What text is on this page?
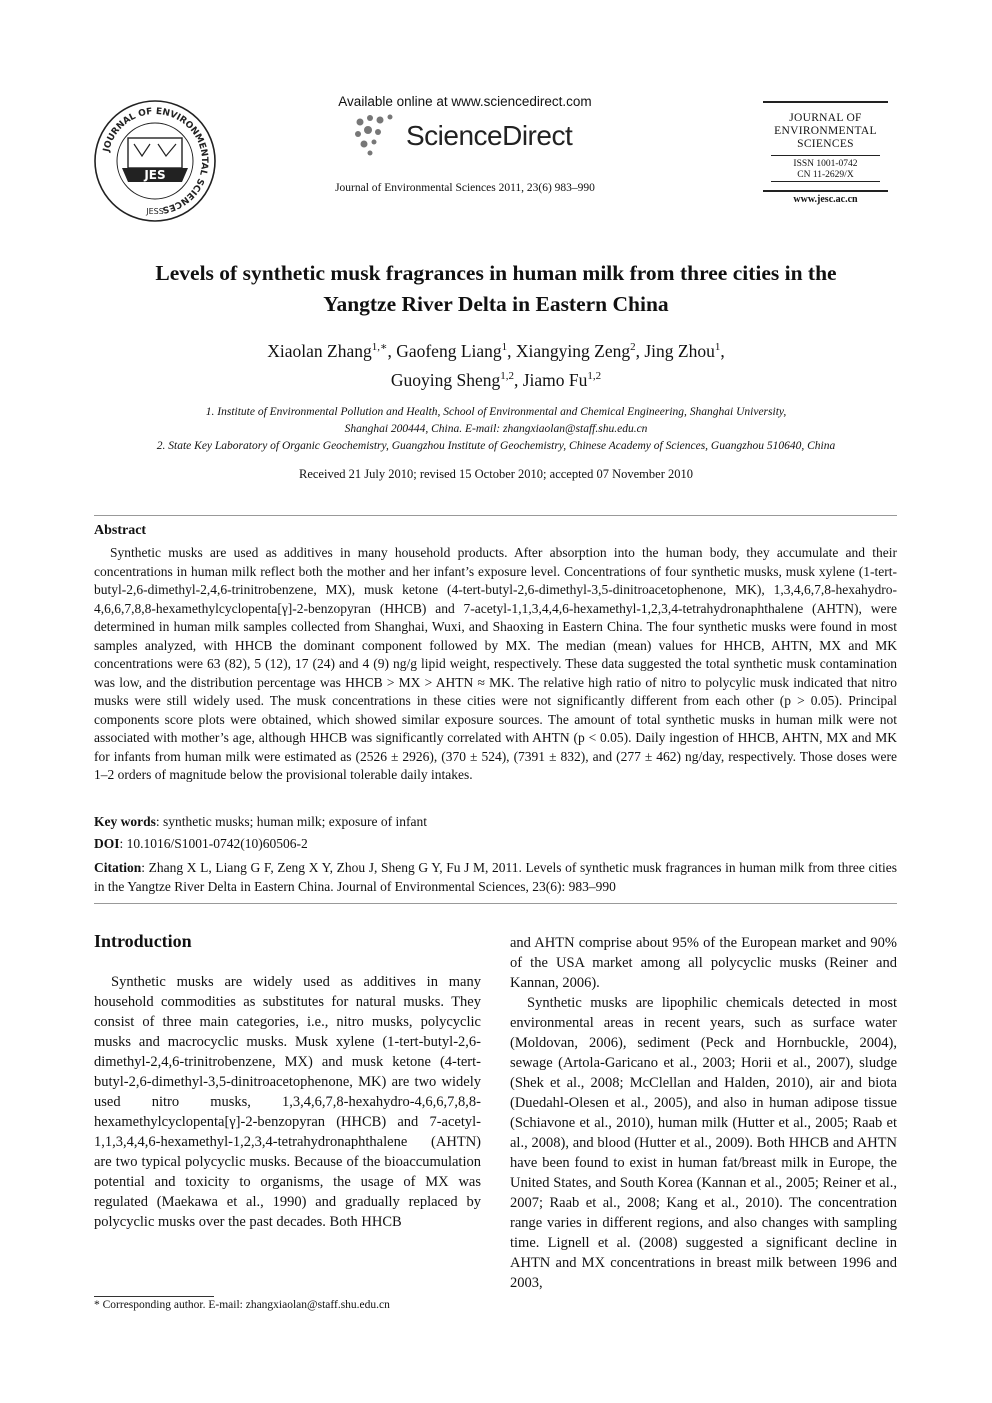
JOURNAL OF ENVIRONMENTAL SCIENCES
JES
JESS
Available online at www.sciencedirect.com
ScienceDirect
Journal of Environmental Sciences 2011, 23(6) 983–990
JOURNAL OF
ENVIRONMENTAL
SCIENCES
ISSN 1001-0742
CN 11-2629/X
www.jesc.ac.cn
Levels of synthetic musk fragrances in human milk from three cities in the
Yangtze River Delta in Eastern China
Xiaolan Zhang$^{1,∗}$, Gaofeng Liang$^1$, Xiangying Zeng$^2$, Jing Zhou$^1$,
Guoying Sheng$^{1,2}$, Jiamo Fu$^{1,2}$
1. Institute of Environmental Pollution and Health, School of Environmental and Chemical Engineering, Shanghai University,
Shanghai 200444, China. E-mail: zhangxiaolan@staff.shu.edu.cn
2. State Key Laboratory of Organic Geochemistry, Guangzhou Institute of Geochemistry, Chinese Academy of Sciences, Guangzhou 510640, China
Received 21 July 2010; revised 15 October 2010; accepted 07 November 2010
Abstract
Synthetic musks are used as additives in many household products. After absorption into the human body, they accumulate and their concentrations in human milk reflect both the mother and her infant’s exposure level. Concentrations of four synthetic musks, musk xylene (1-tert-butyl-2,6-dimethyl-2,4,6-trinitrobenzene, MX), musk ketone (4-tert-butyl-2,6-dimethyl-3,5-dinitroacetophenone, MK), 1,3,4,6,7,8-hexahydro-4,6,6,7,8,8-hexamethylcyclopenta[γ]-2-benzopyran (HHCB) and 7-acetyl-1,1,3,4,4,6-hexamethyl-1,2,3,4-tetrahydronaphthalene (AHTN), were determined in human milk samples collected from Shanghai, Wuxi, and Shaoxing in Eastern China. The four synthetic musks were found in most samples analyzed, with HHCB the dominant component followed by MX. The median (mean) values for HHCB, AHTN, MX and MK concentrations were 63 (82), 5 (12), 17 (24) and 4 (9) ng/g lipid weight, respectively. These data suggested the total synthetic musk contamination was low, and the distribution percentage was HHCB > MX > AHTN ≈ MK. The relative high ratio of nitro to polycylic musk indicated that nitro musks were still widely used. The musk concentrations in these cities were not significantly different from each other (p > 0.05). Principal components score plots were obtained, which showed similar exposure sources. The amount of total synthetic musks in human milk were not associated with mother’s age, although HHCB was significantly correlated with AHTN (p < 0.05). Daily ingestion of HHCB, AHTN, MX and MK for infants from human milk were estimated as (2526 ± 2926), (370 ± 524), (7391 ± 832), and (277 ± 462) ng/day, respectively. Those doses were 1–2 orders of magnitude below the provisional tolerable daily intakes.
Key words: synthetic musks; human milk; exposure of infant
DOI: 10.1016/S1001-0742(10)60506-2
Citation: Zhang X L, Liang G F, Zeng X Y, Zhou J, Sheng G Y, Fu J M, 2011. Levels of synthetic musk fragrances in human milk from three cities in the Yangtze River Delta in Eastern China. Journal of Environmental Sciences, 23(6): 983–990
Introduction

Synthetic musks are widely used as additives in many household commodities as substitutes for natural musks. They consist of three main categories, i.e., nitro musks, polycyclic musks and macrocyclic musks. Musk xylene (1-tert-butyl-2,6-dimethyl-2,4,6-trinitrobenzene, MX) and musk ketone (4-tert-butyl-2,6-dimethyl-3,5-dinitroacetophenone, MK) are two widely used nitro musks, 1,3,4,6,7,8-hexahydro-4,6,6,7,8,8-hexamethylcyclopenta[γ]-2-benzopyran (HHCB) and 7-acetyl-1,1,3,4,4,6-hexamethyl-1,2,3,4-tetrahydronaphthalene (AHTN) are two typical polycyclic musks. Because of the bioaccumulation potential and toxicity to organisms, the usage of MX was regulated (Maekawa et al., 1990) and gradually replaced by polycyclic musks over the past decades. Both HHCB

and AHTN comprise about 95% of the European market and 90% of the USA market among all polycyclic musks (Reiner and Kannan, 2006).

Synthetic musks are lipophilic chemicals detected in most environmental areas in recent years, such as surface water (Moldovan, 2006), sediment (Peck and Hornbuckle, 2004), sewage (Artola-Garicano et al., 2003; Horii et al., 2007), sludge (Shek et al., 2008; McClellan and Halden, 2010), air and biota (Duedahl-Olesen et al., 2005), and also in human adipose tissue (Schiavone et al., 2010), human milk (Hutter et al., 2005; Raab et al., 2008), and blood (Hutter et al., 2009). Both HHCB and AHTN have been found to exist in human fat/breast milk in Europe, the United States, and South Korea (Kannan et al., 2005; Reiner et al., 2007; Raab et al., 2008; Kang et al., 2010). The concentration range varies in different regions, and also changes with sampling time. Lignell et al. (2008) suggested a significant decline in AHTN and MX concentrations in breast milk between 1996 and 2003,

* Corresponding author. E-mail: zhangxiaolan@staff.shu.edu.cn
